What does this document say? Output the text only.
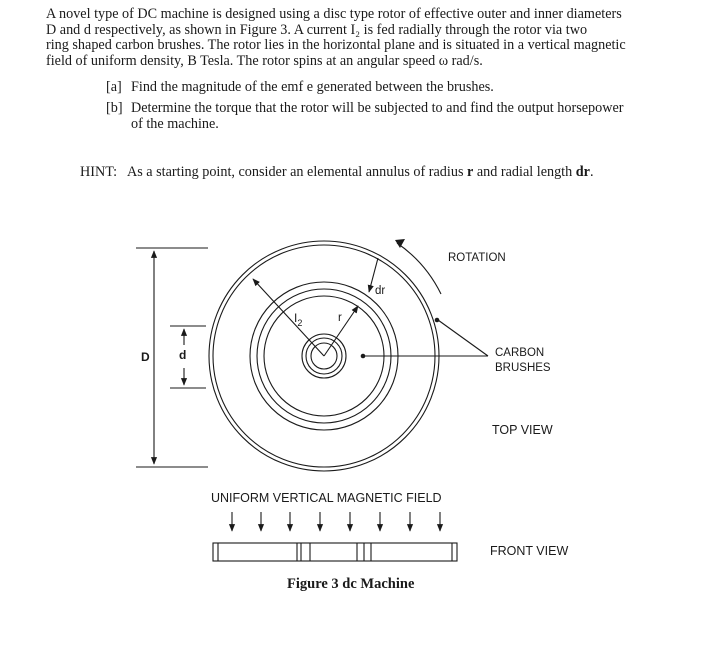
A novel type of DC machine is designed using a disc type rotor of effective outer and inner diameters
D and d respectively, as shown in Figure 3. A current I₂ is fed radially through the rotor via two
ring shaped carbon brushes. The rotor lies in the horizontal plane and is situated in a vertical magnetic
field of uniform density, B Tesla. The rotor spins at an angular speed ω rad/s.
[a] Find the magnitude of the emf e generated between the brushes.
[b] Determine the torque that the rotor will be subjected to and find the output horsepower
of the machine.
HINT: As a starting point, consider an elemental annulus of radius r and radial length dr.
ROTATION
dr
$I_2$	r
D d	CARBON
BRUSHES
TOP VIEW
UNIFORM VERTICAL MAGNETIC FIELD
FRONT VIEW
Figure 3 dc Machine
